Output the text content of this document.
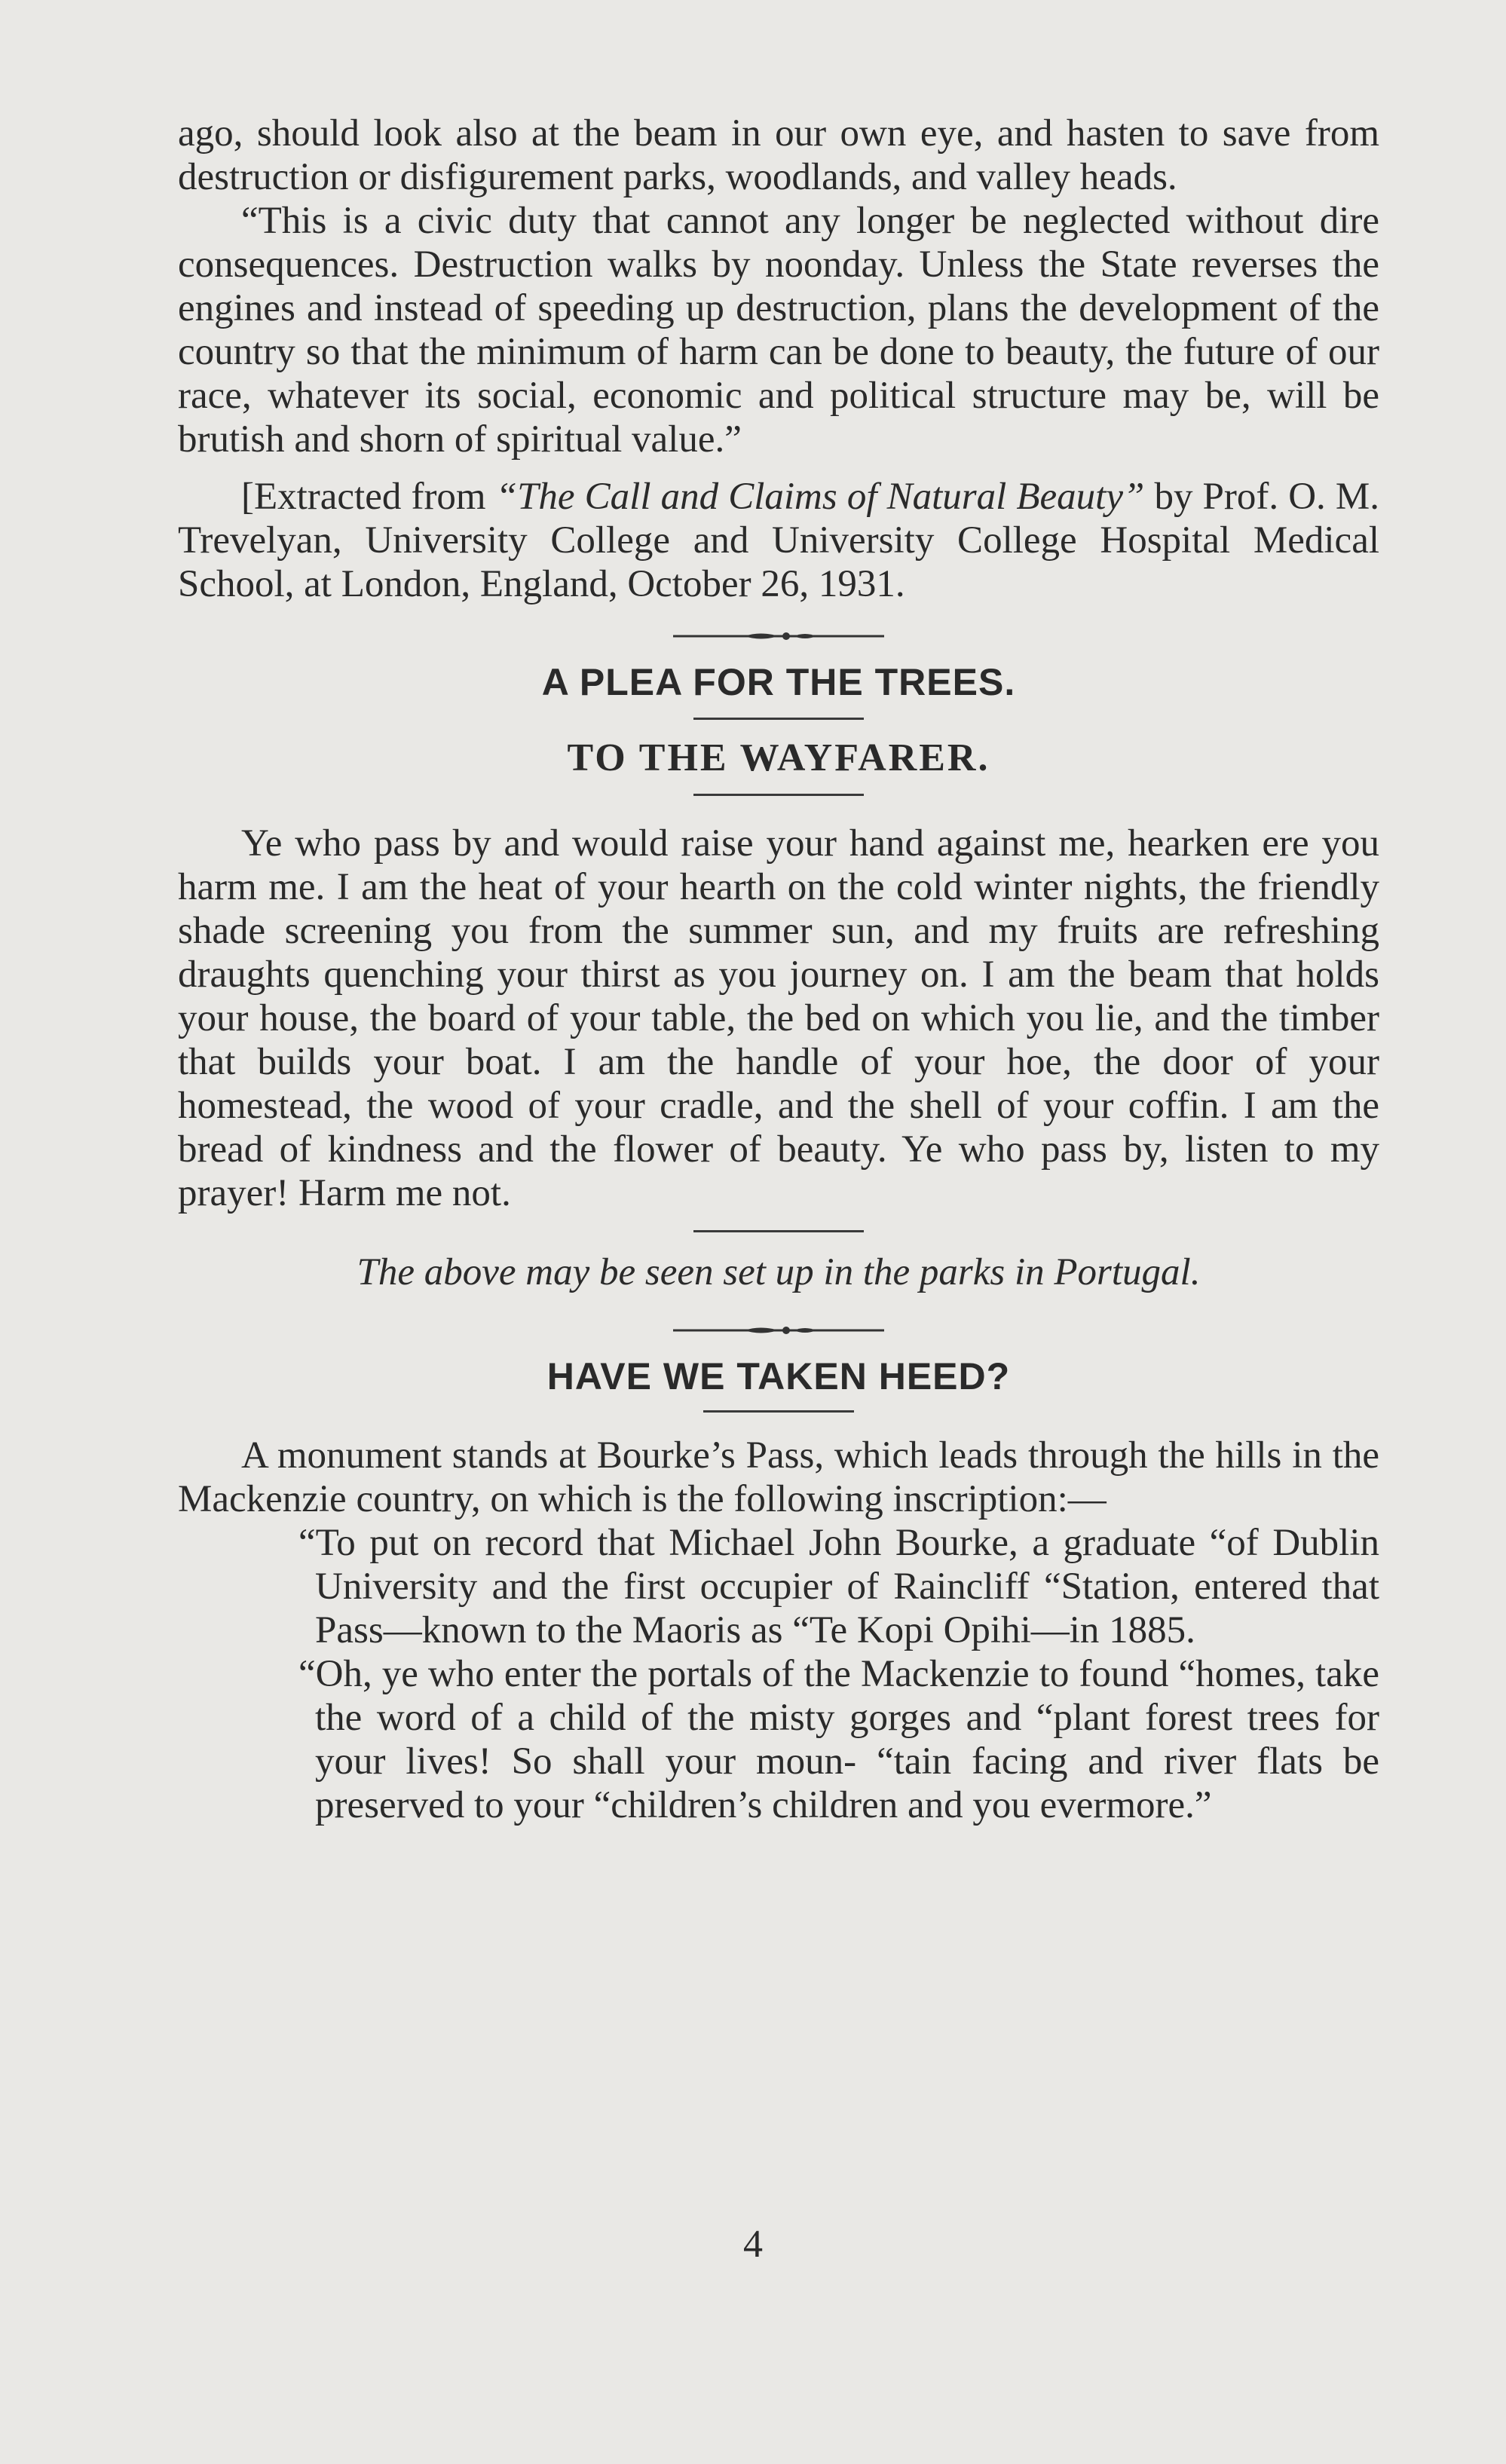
ago, should look also at the beam in our own eye, and hasten to save from destruction or disfigurement parks, woodlands, and valley heads.

“This is a civic duty that cannot any longer be neglected without dire consequences. Destruction walks by noonday. Unless the State reverses the engines and instead of speeding up destruction, plans the development of the country so that the minimum of harm can be done to beauty, the future of our race, whatever its social, economic and political structure may be, will be brutish and shorn of spiritual value.”

[Extracted from “The Call and Claims of Natural Beauty” by Prof. O. M. Trevelyan, University College and University College Hospital Medical School, at London, England, October 26, 1931.

A PLEA FOR THE TREES.
TO THE WAYFARER.

Ye who pass by and would raise your hand against me, hearken ere you harm me. I am the heat of your hearth on the cold winter nights, the friendly shade screening you from the summer sun, and my fruits are refreshing draughts quenching your thirst as you journey on. I am the beam that holds your house, the board of your table, the bed on which you lie, and the timber that builds your boat. I am the handle of your hoe, the door of your homestead, the wood of your cradle, and the shell of your coffin. I am the bread of kindness and the flower of beauty. Ye who pass by, listen to my prayer! Harm me not.

The above may be seen set up in the parks in Portugal.

HAVE WE TAKEN HEED?

A monument stands at Bourke’s Pass, which leads through the hills in the Mackenzie country, on which is the following inscription:—

“To put on record that Michael John Bourke, a graduate “of Dublin University and the first occupier of Raincliff “Station, entered that Pass—known to the Maoris as “Te Kopi Opihi—in 1885.

“Oh, ye who enter the portals of the Mackenzie to found “homes, take the word of a child of the misty gorges and “plant forest trees for your lives! So shall your moun- “tain facing and river flats be preserved to your “children’s children and you evermore.”

4
